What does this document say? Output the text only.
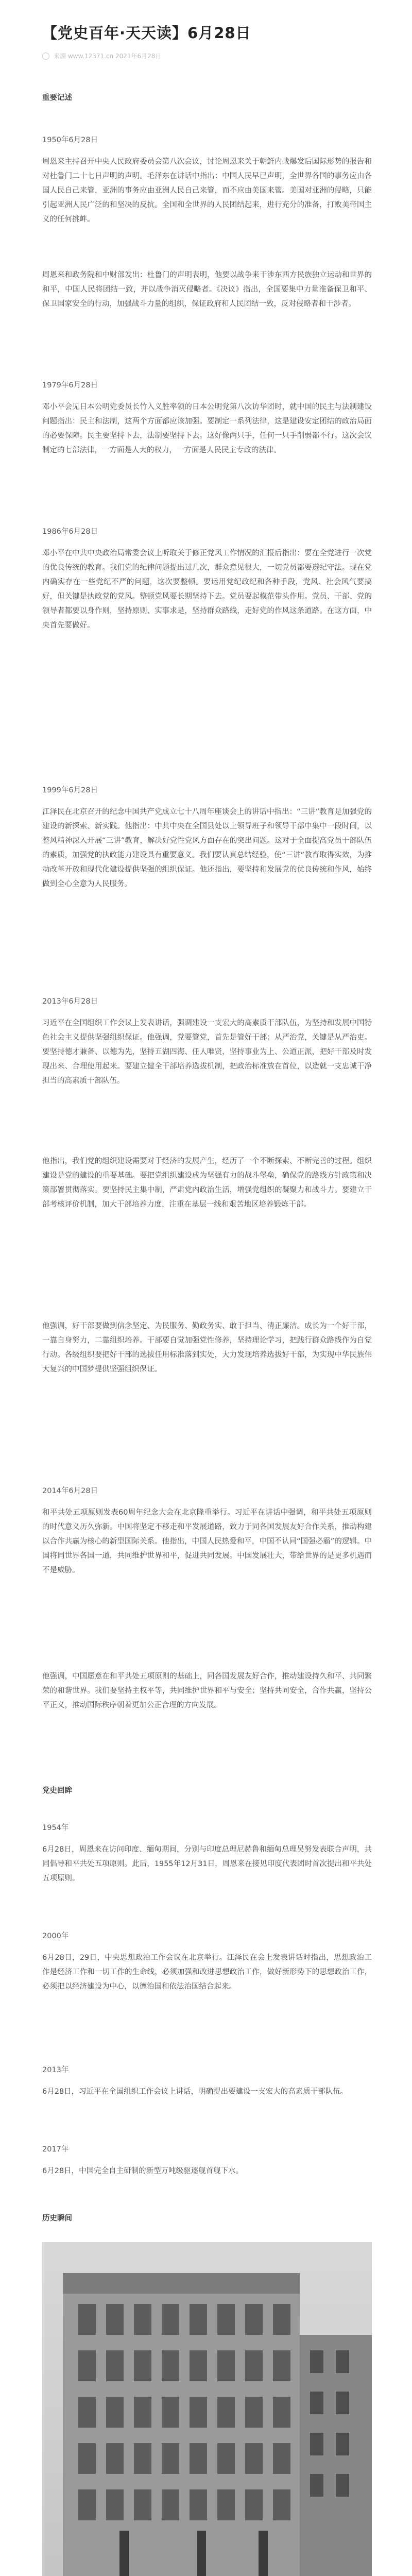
【党史百年·天天读】6月28日
来源 www.12371.cn 2021年6月28日
重要记述
1950年6月28日
周恩来主持召开中央人民政府委员会第八次会议，讨论周恩来关于朝鲜内战爆发后国际形势的报告和对杜鲁门二十七日声明的声明。毛泽东在讲话中指出：中国人民早已声明，全世界各国的事务应由各国人民自己来管，亚洲的事务应由亚洲人民自己来管，而不应由美国来管。美国对亚洲的侵略，只能引起亚洲人民广泛的和坚决的反抗。全国和全世界的人民团结起来，进行充分的准备，打败美帝国主义的任何挑衅。
周恩来和政务院和中财部发出：杜鲁门的声明表明，他要以战争来干涉东西方民族独立运动和世界的和平，中国人民将团结一致，并以战争消灭侵略者。《决议》指出，全国要集中力量准备保卫和平、保卫国家安全的行动，加强战斗力量的组织，保证政府和人民团结一致，反对侵略者和干涉者。
1979年6月28日
邓小平会见日本公明党委员长竹入义胜率领的日本公明党第八次访华团时，就中国的民主与法制建设问题指出：民主和法制，这两个方面都应该加强。要制定一系列法律，这是建设安定团结的政治局面的必要保障。民主要坚持下去，法制要坚持下去。这好像两只手，任何一只手削弱都不行。这次会议制定的七部法律，一方面是人大的权力，一方面是人民民主专政的法律。
1986年6月28日
邓小平在中共中央政治局常委会议上听取关于修正党风工作情况的汇报后指出：要在全党进行一次党的优良传统的教育。我们党的纪律问题提出过几次，群众意见很大，一切党员都要遵纪守法。现在党内确实存在一些党纪不严的问题，这次要整顿。要运用党纪政纪和各种手段，党风、社会风气要搞好，但关键是执政党的党风。整顿党风要长期坚持下去。党员要起模范带头作用。党员、干部、党的领导者都要以身作则，坚持原则、实事求是，坚持群众路线，走好党的作风这条道路。在这方面，中央首先要做好。
1999年6月28日
江泽民在北京召开的纪念中国共产党成立七十八周年座谈会上的讲话中指出：“三讲”教育是加强党的建设的新探索、新实践。他指出：中共中央在全国县处以上领导班子和领导干部中集中一段时间，以整风精神深入开展“三讲”教育，解决好党性党风方面存在的突出问题。这对于全面提高党员干部队伍的素质，加强党的执政能力建设具有重要意义。我们要认真总结经验，使“三讲”教育取得实效，为推动改革开放和现代化建设提供坚强的组织保证。他还指出，要坚持和发展党的优良传统和作风，始终做到全心全意为人民服务。
2013年6月28日
习近平在全国组织工作会议上发表讲话，强调建设一支宏大的高素质干部队伍，为坚持和发展中国特色社会主义提供坚强组织保证。他强调，党要管党，首先是管好干部；从严治党，关键是从严治吏。要坚持德才兼备、以德为先，坚持五湖四海、任人唯贤，坚持事业为上、公道正派，把好干部及时发现出来、合理使用起来。要建立健全干部培养选拔机制，把政治标准放在首位，以造就一支忠诚干净担当的高素质干部队伍。
他指出，我们党的组织建设需要对于经济的发展产生，经历了一个不断探索、不断完善的过程。组织建设是党的建设的重要基础。要把党组织建设成为坚强有力的战斗堡垒，确保党的路线方针政策和决策部署贯彻落实。要坚持民主集中制，严肃党内政治生活，增强党组织的凝聚力和战斗力。要建立干部考核评价机制，加大干部培养力度，注重在基层一线和艰苦地区培养锻炼干部。
他强调，好干部要做到信念坚定、为民服务、勤政务实、敢于担当、清正廉洁。成长为一个好干部，一靠自身努力，二靠组织培养。干部要自觉加强党性修养，坚持理论学习，把践行群众路线作为自觉行动。各级组织要把好干部的选拔任用标准落到实处，大力发现培养选拔好干部，为实现中华民族伟大复兴的中国梦提供坚强组织保证。
2014年6月28日
和平共处五项原则发表60周年纪念大会在北京隆重举行。习近平在讲话中强调，和平共处五项原则的时代意义历久弥新。中国将坚定不移走和平发展道路，致力于同各国发展友好合作关系，推动构建以合作共赢为核心的新型国际关系。他指出，中国人民热爱和平，中国不认同“国强必霸”的逻辑。中国将同世界各国一道，共同维护世界和平，促进共同发展。中国发展壮大，带给世界的是更多机遇而不是威胁。
他强调，中国愿意在和平共处五项原则的基础上，同各国发展友好合作，推动建设持久和平、共同繁荣的和谐世界。我们要坚持主权平等，共同维护世界和平与安全；坚持共同安全，合作共赢，坚持公平正义，推动国际秩序朝着更加公正合理的方向发展。
党史回眸
1954年
6月28日，周恩来在访问印度、缅甸期间，分别与印度总理尼赫鲁和缅甸总理吴努发表联合声明，共同倡导和平共处五项原则。此后，1955年12月31日，周恩来在接见印度代表团时首次提出和平共处五项原则。
2000年
6月28日，29日，中央思想政治工作会议在北京举行。江泽民在会上发表讲话时指出，思想政治工作是经济工作和一切工作的生命线，必须加强和改进思想政治工作，做好新形势下的思想政治工作，必须把以经济建设为中心，以德治国和依法治国结合起来。
2013年
6月28日，习近平在全国组织工作会议上讲话，明确提出要建设一支宏大的高素质干部队伍。
2017年
6月28日，中国完全自主研制的新型万吨级驱逐舰首舰下水。
历史瞬间
